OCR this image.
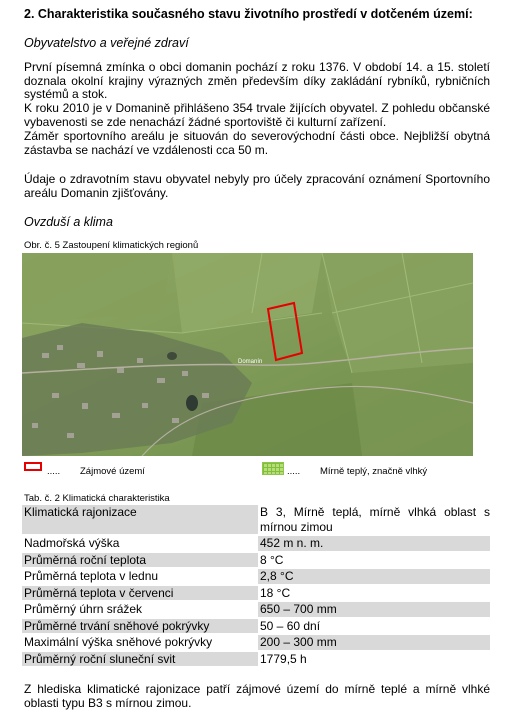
2. Charakteristika současného stavu životního prostředí v dotčeném území:
Obyvatelstvo a veřejné zdraví
První písemná zmínka o obci domanin pochází z roku 1376. V období 14. a 15. století doznala okolní krajiny výrazných změn především díky zakládání rybníků, rybničních systémů a stok.
K roku 2010 je v Domanině přihlášeno 354 trvale žijících obyvatel. Z pohledu občanské vybavenosti se zde nenachází žádné sportoviště či kulturní zařízení.
Záměr sportovního areálu je situován do severovýchodní části obce. Nejbližší obytná zástavba se nachází ve vzdálenosti cca 50 m.
Údaje o zdravotním stavu obyvatel nebyly pro účely zpracování oznámení Sportovního areálu Domanin zjišťovány.
Ovzduší a klima
Obr. č. 5 Zastoupení klimatických regionů
Domanín
..... Zájmové území	..... Mírně teplý, značně vlhký
Tab. č. 2 Klimatická charakteristika
Klimatická rajonizace	B 3, Mírně teplá, mírně vlhká oblast s mírnou zimou
Nadmořská výška	452 m n. m.
Průměrná roční teplota	8 °C
Průměrná teplota v lednu	2,8 °C
Průměrná teplota v červenci	18 °C
Průměrný úhrn srážek	650 – 700 mm
Průměrné trvání sněhové pokrývky	50 – 60 dní
Maximální výška sněhové pokrývky	200 – 300 mm
Průměrný roční sluneční svit	1779,5 h
Z hlediska klimatické rajonizace patří zájmové území do mírně teplé a mírně vlhké oblasti typu B3 s mírnou zimou.
